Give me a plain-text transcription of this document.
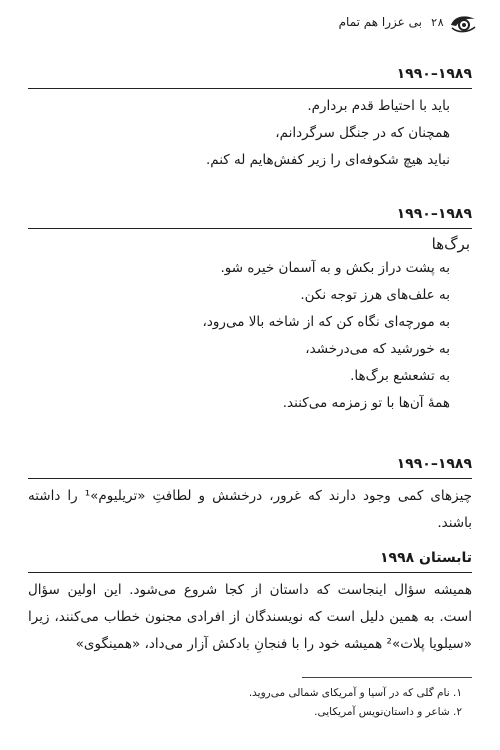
۲۸
بی‌ عزرا هم تمام
۱۹۸۹–۱۹۹۰
باید با احتیاط قدم بردارم.
همچنان که در جنگل سرگردانم،
نباید هیچ شکوفه‌ای را زیر کفش‌هایم له کنم.
۱۹۸۹–۱۹۹۰
برگ‌ها
به پشت دراز بکش و به آسمان خیره شو.
به علف‌های هرز توجه نکن.
به مورچه‌ای نگاه کن که از شاخه بالا می‌رود،
به خورشید که می‌درخشد،
به تشعشع برگ‌ها.
همهٔ آن‌ها با تو زمزمه می‌کنند.
۱۹۸۹–۱۹۹۰
چیزهای کمی وجود دارند که غرور، درخشش و لطافتِ «تریلیوم»¹ را داشته باشند.
تابستان ۱۹۹۸
همیشه سؤال اینجاست که داستان از کجا شروع می‌شود. این اولین سؤال است. به همین دلیل است که نویسندگان از افرادی مجنون خطاب می‌کنند، زیرا «سیلویا پلات»² همیشه خود را با فنجانِ بادکش آزار می‌داد، «همینگوی»
۱. نام گلی که در آسیا و آمریکای شمالی می‌روید.
۲. شاعر و داستان‌نویس آمریکایی.
